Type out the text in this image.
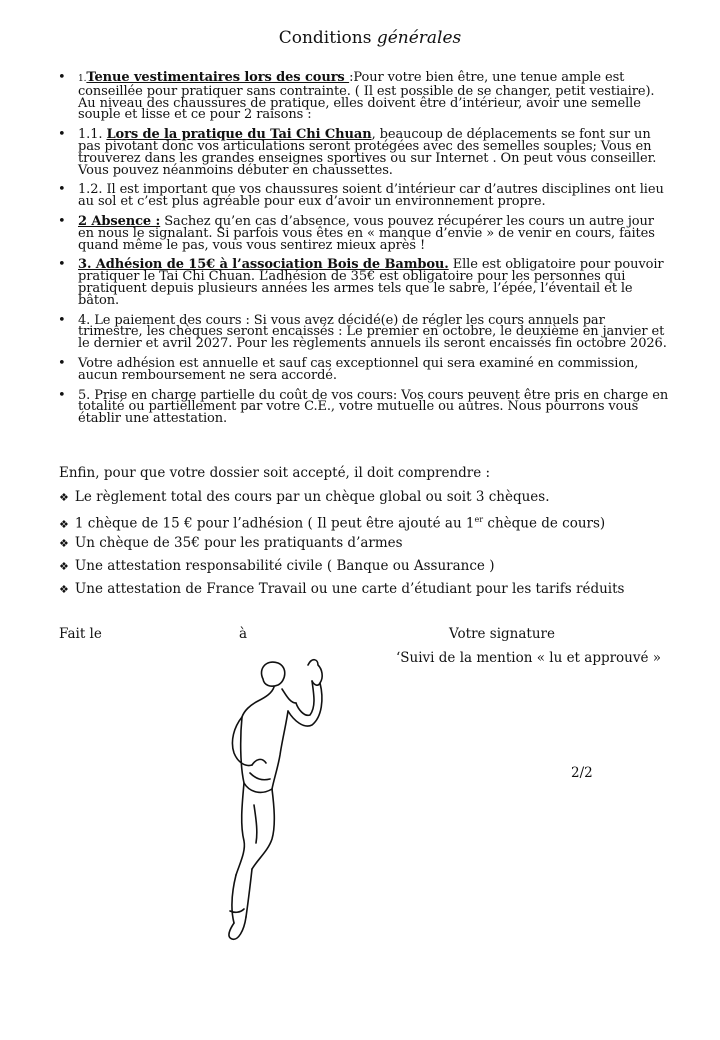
Conditions générales
• 1.Tenue vestimentaires lors des cours :Pour votre bien être, une tenue ample est conseillée pour pratiquer sans contrainte. ( Il est possible de se changer, petit vestiaire). Au niveau des chaussures de pratique, elles doivent être d’intérieur, avoir une semelle souple et lisse et ce pour 2 raisons :
• 1.1. Lors de la pratique du Tai Chi Chuan, beaucoup de déplacements se font sur un pas pivotant donc vos articulations seront protégées avec des semelles souples; Vous en trouverez dans les grandes enseignes sportives ou sur Internet . On peut vous conseiller. Vous pouvez néanmoins débuter en chaussettes.
• 1.2. Il est important que vos chaussures soient d’intérieur car d’autres disciplines ont lieu au sol et c’est plus agréable pour eux d’avoir un environnement propre.
• 2 Absence : Sachez qu’en cas d’absence, vous pouvez récupérer les cours un autre jour en nous le signalant. Si parfois vous êtes en « manque d’envie » de venir en cours, faites quand même le pas, vous vous sentirez mieux après !
• 3. Adhésion de 15€ à l’association Bois de Bambou. Elle est obligatoire pour pouvoir pratiquer le Tai Chi Chuan. L’adhésion de 35€ est obligatoire pour les personnes qui pratiquent depuis plusieurs années les armes tels que le sabre, l’épée, l’éventail et le bâton.
• 4. Le paiement des cours : Si vous avez décidé(e) de régler les cours annuels par trimestre, les chèques seront encaissés : Le premier en octobre, le deuxième en janvier et le dernier et avril 2027. Pour les règlements annuels ils seront encaissés fin octobre 2026.
• Votre adhésion est annuelle et sauf cas exceptionnel qui sera examiné en commission, aucun remboursement ne sera accordé.
• 5. Prise en charge partielle du coût de vos cours: Vos cours peuvent être pris en charge en totalité ou partiellement par votre C.E., votre mutuelle ou autres. Nous pourrons vous établir une attestation.
Enfin, pour que votre dossier soit accepté, il doit comprendre :
❖ Le règlement total des cours par un chèque global ou soit 3 chèques.
❖ 1 chèque de 15 € pour l’adhésion ( Il peut être ajouté au 1er chèque de cours)
❖ Un chèque de 35€ pour les pratiquants d’armes
❖ Une attestation responsabilité civile ( Banque ou Assurance )
❖ Une attestation de France Travail ou une carte d’étudiant pour les tarifs réduits
Fait le	à	Votre signature
‘Suivi de la mention « lu et approuvé »
2/2
